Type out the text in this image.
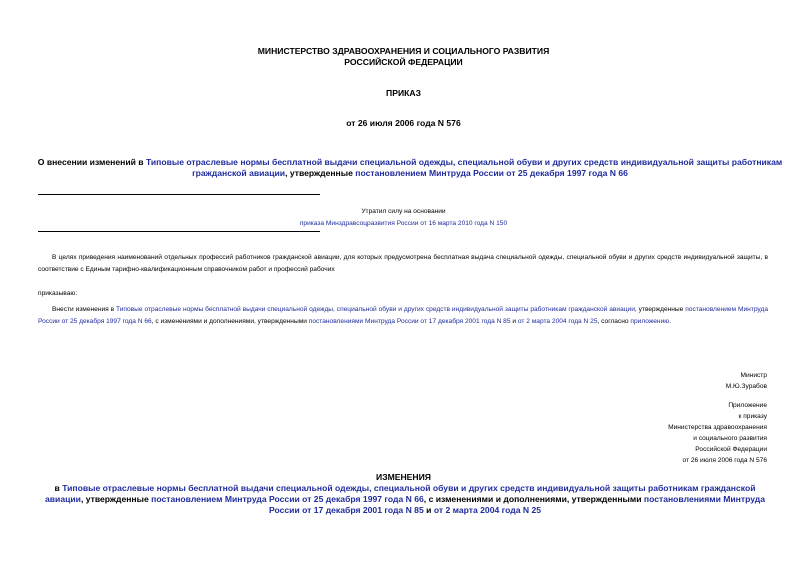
МИНИСТЕРСТВО ЗДРАВООХРАНЕНИЯ И СОЦИАЛЬНОГО РАЗВИТИЯ
РОССИЙСКОЙ ФЕДЕРАЦИИ
ПРИКАЗ
от 26 июля 2006 года N 576
О внесении изменений в Типовые отраслевые нормы бесплатной выдачи специальной одежды, специальной обуви и других средств индивидуальной защиты работникам гражданской авиации, утвержденные постановлением Минтруда России от 25 декабря 1997 года N 66
Утратил силу на основании
приказа Минздравсоцразвития России от 16 марта 2010 года N 150
В целях приведения наименований отдельных профессий работников гражданской авиации, для которых предусмотрена бесплатная выдача специальной одежды, специальной обуви и других средств индивидуальной защиты, в соответствие с Единым тарифно-квалификационным справочником работ и профессий рабочих
приказываю:
Внести изменения в Типовые отраслевые нормы бесплатной выдачи специальной одежды, специальной обуви и других средств индивидуальной защиты работникам гражданской авиации, утвержденные постановлением Минтруда России от 25 декабря 1997 года N 66, с изменениями и дополнениями, утвержденными постановлениями Минтруда России от 17 декабря 2001 года N 85 и от 2 марта 2004 года N 25, согласно приложению.
Министр
М.Ю.Зурабов
Приложение
к приказу
Министерства здравоохранения
и социального развития
Российской Федерации
от 26 июля 2006 года N 576
ИЗМЕНЕНИЯ
в Типовые отраслевые нормы бесплатной выдачи специальной одежды, специальной обуви и других средств индивидуальной защиты работникам гражданской авиации, утвержденные постановлением Минтруда России от 25 декабря 1997 года N 66, с изменениями и дополнениями, утвержденными постановлениями Минтруда России от 17 декабря 2001 года N 85 и от 2 марта 2004 года N 25
